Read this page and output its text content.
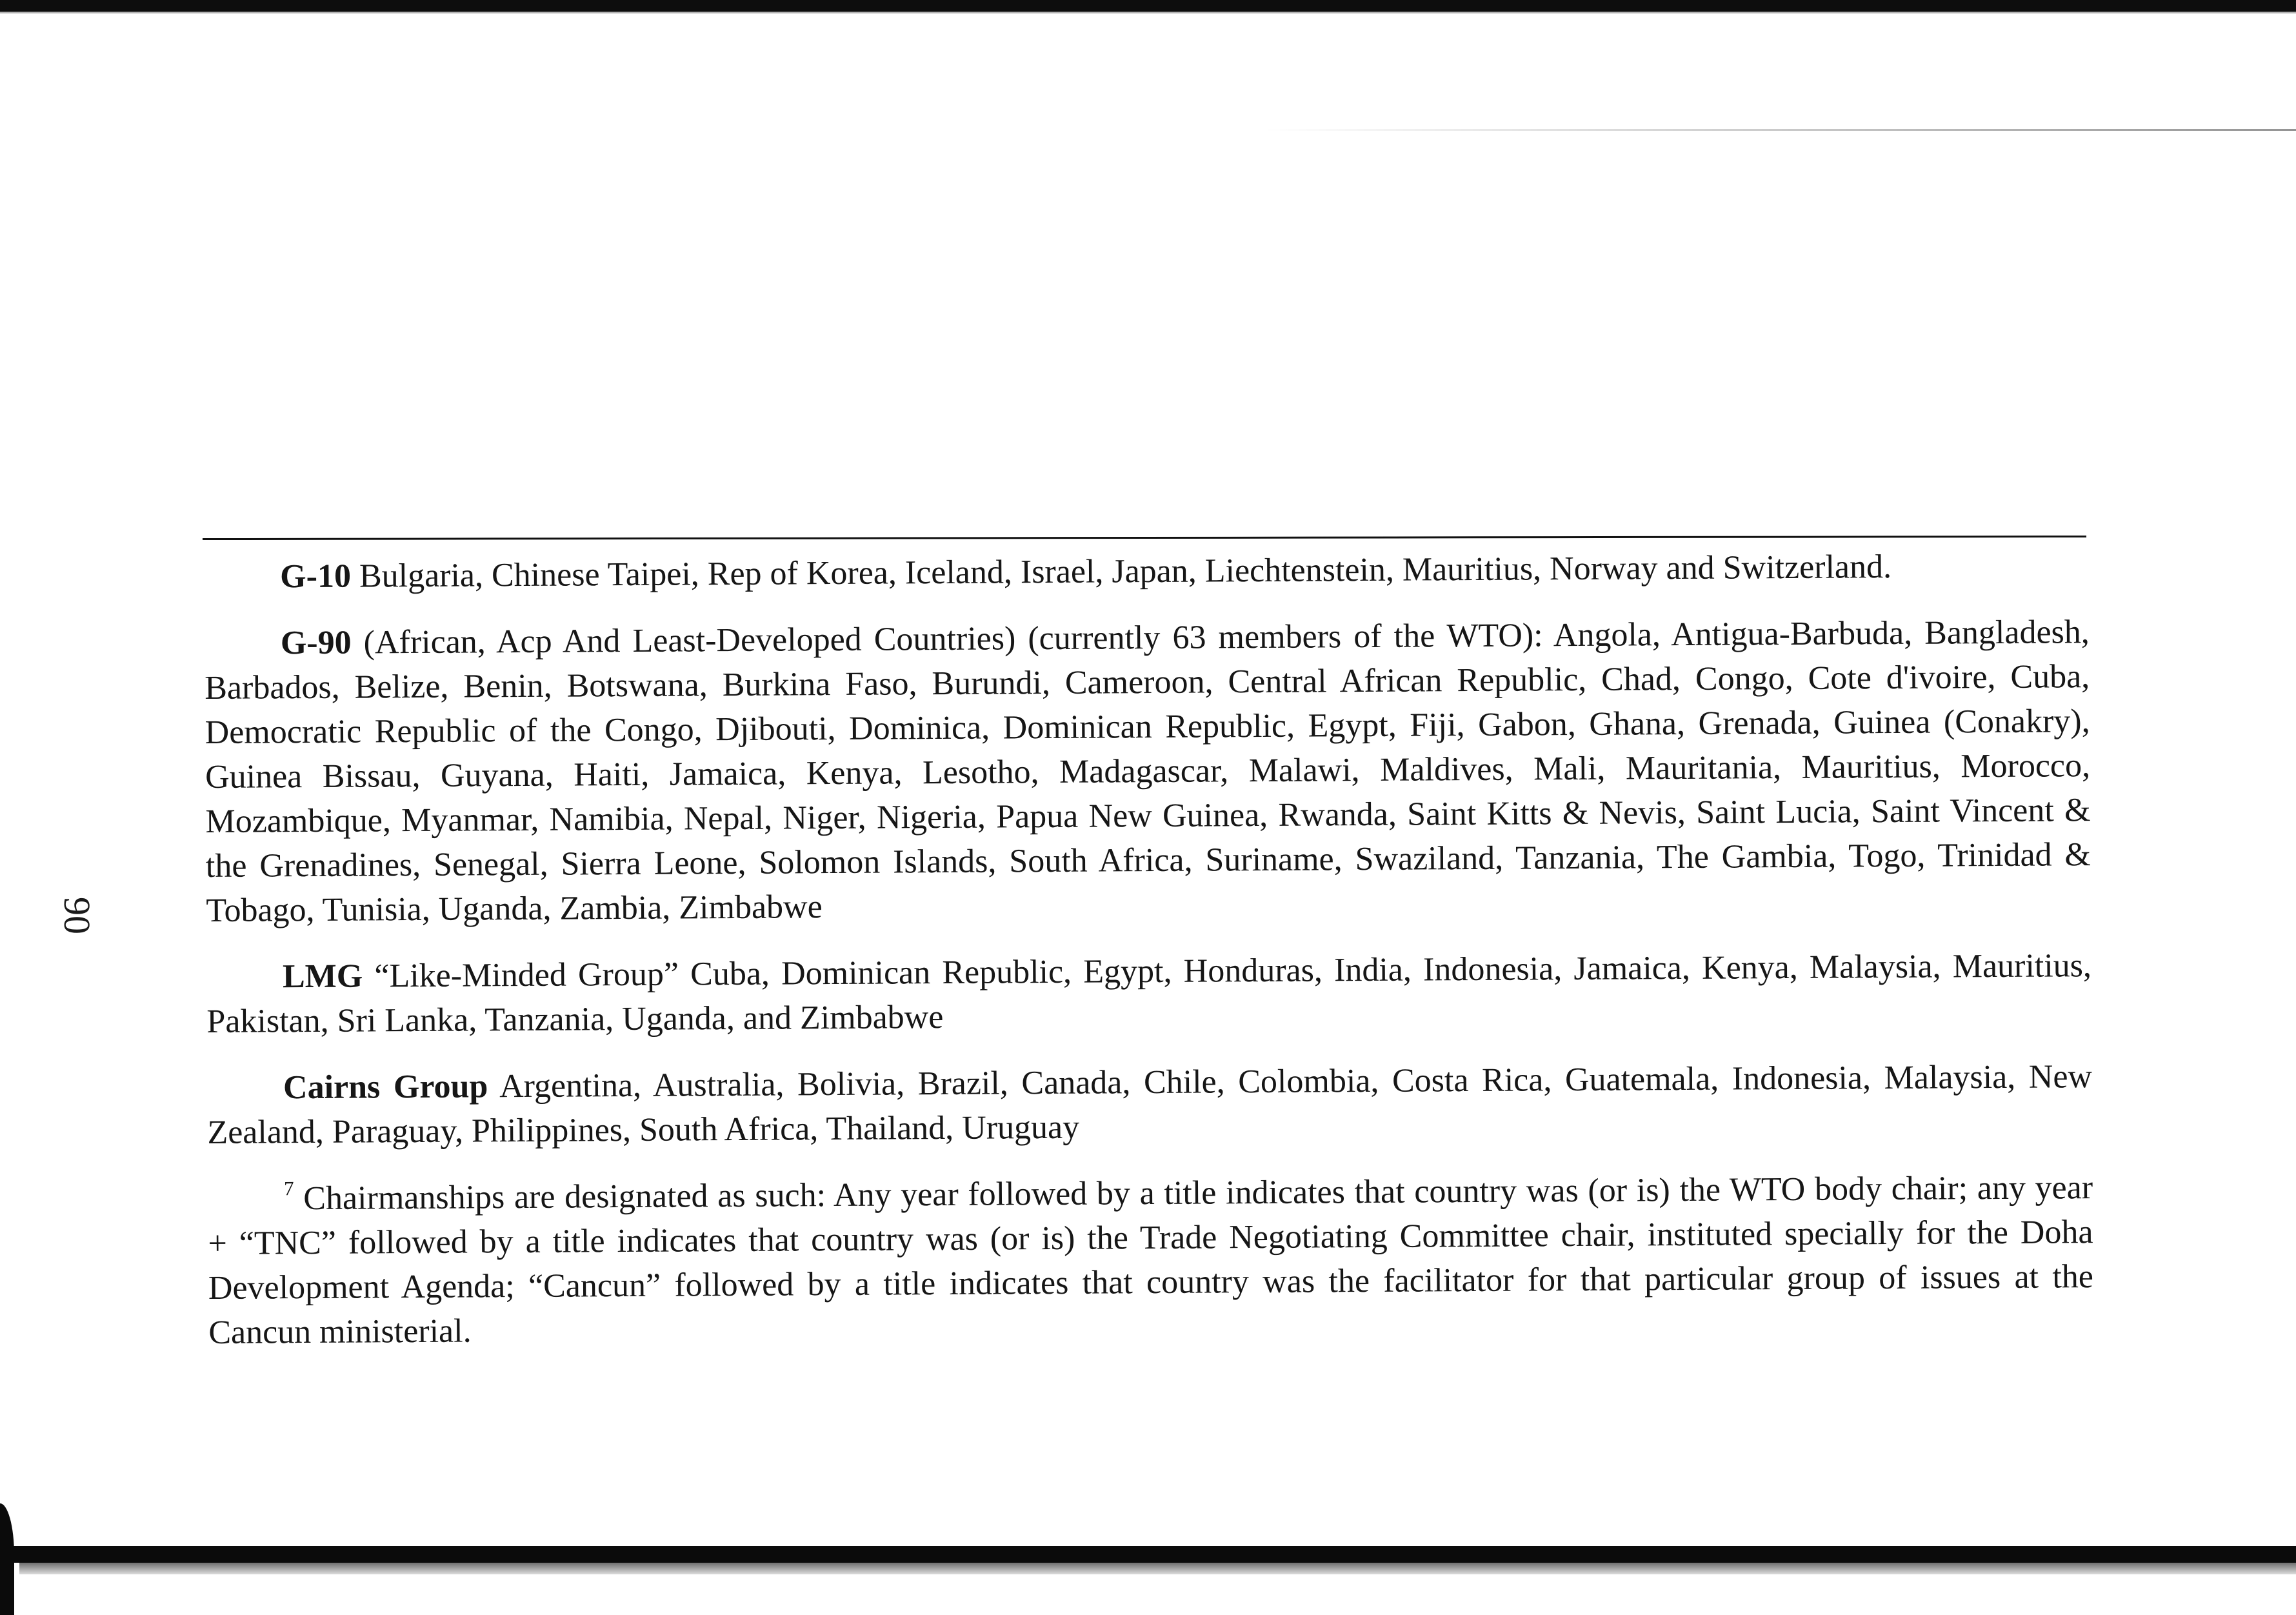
90

G-10 Bulgaria, Chinese Taipei, Rep of Korea, Iceland, Israel, Japan, Liechtenstein, Mauritius, Norway and Switzerland.

G-90 (African, Acp And Least-Developed Countries) (currently 63 members of the WTO): Angola, Antigua-Barbuda, Bangladesh, Barbados, Belize, Benin, Botswana, Burkina Faso, Burundi, Cameroon, Central African Republic, Chad, Congo, Cote d'ivoire, Cuba, Democratic Republic of the Congo, Djibouti, Dominica, Dominican Republic, Egypt, Fiji, Gabon, Ghana, Grenada, Guinea (Conakry), Guinea Bissau, Guyana, Haiti, Jamaica, Kenya, Lesotho, Madagascar, Malawi, Maldives, Mali, Mauritania, Mauritius, Morocco, Mozambique, Myanmar, Namibia, Nepal, Niger, Nigeria, Papua New Guinea, Rwanda, Saint Kitts & Nevis, Saint Lucia, Saint Vincent & the Grenadines, Senegal, Sierra Leone, Solomon Islands, South Africa, Suriname, Swaziland, Tanzania, The Gambia, Togo, Trinidad & Tobago, Tunisia, Uganda, Zambia, Zimbabwe

LMG “Like-Minded Group” Cuba, Dominican Republic, Egypt, Honduras, India, Indonesia, Jamaica, Kenya, Malaysia, Mauritius, Pakistan, Sri Lanka, Tanzania, Uganda, and Zimbabwe

Cairns Group Argentina, Australia, Bolivia, Brazil, Canada, Chile, Colombia, Costa Rica, Guatemala, Indonesia, Malaysia, New Zealand, Paraguay, Philippines, South Africa, Thailand, Uruguay

$^7$ Chairmanships are designated as such: Any year followed by a title indicates that country was (or is) the WTO body chair; any year + “TNC” followed by a title indicates that country was (or is) the Trade Negotiating Committee chair, instituted specially for the Doha Development Agenda; “Cancun” followed by a title indicates that country was the facilitator for that particular group of issues at the Cancun ministerial.
